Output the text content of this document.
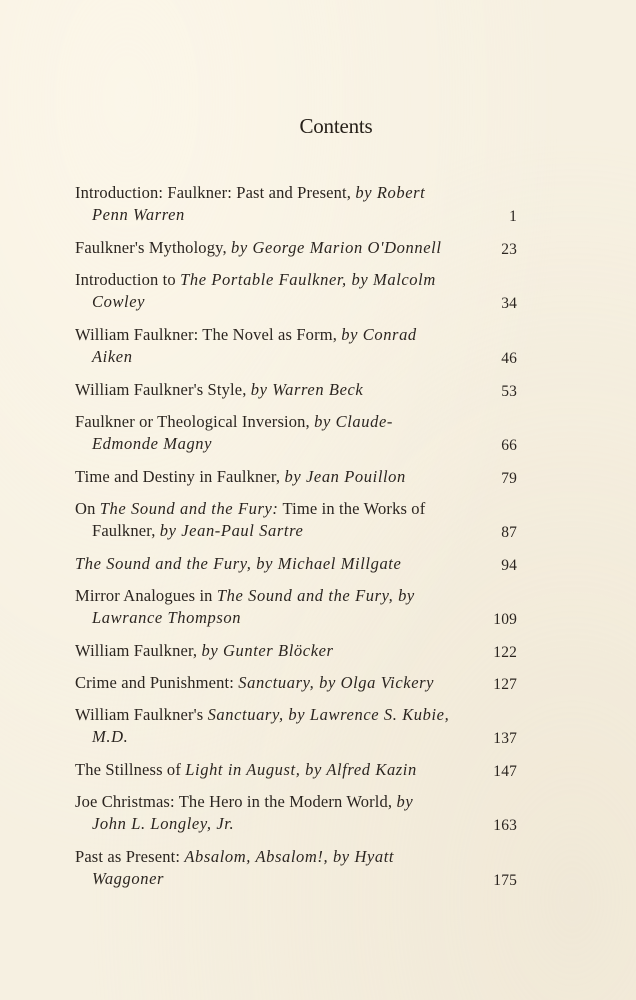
Contents
Introduction: Faulkner: Past and Present, by Robert
Penn Warren	1
Faulkner's Mythology, by George Marion O'Donnell	23
Introduction to The Portable Faulkner, by Malcolm
Cowley	34
William Faulkner: The Novel as Form, by Conrad
Aiken	46
William Faulkner's Style, by Warren Beck	53
Faulkner or Theological Inversion, by Claude-
Edmonde Magny	66
Time and Destiny in Faulkner, by Jean Pouillon	79
On The Sound and the Fury: Time in the Works of
Faulkner, by Jean-Paul Sartre	87
The Sound and the Fury, by Michael Millgate	94
Mirror Analogues in The Sound and the Fury, by
Lawrance Thompson	109
William Faulkner, by Gunter Blöcker	122
Crime and Punishment: Sanctuary, by Olga Vickery	127
William Faulkner's Sanctuary, by Lawrence S. Kubie,
M.D.	137
The Stillness of Light in August, by Alfred Kazin	147
Joe Christmas: The Hero in the Modern World, by
John L. Longley, Jr.	163
Past as Present: Absalom, Absalom!, by Hyatt
Waggoner	175
